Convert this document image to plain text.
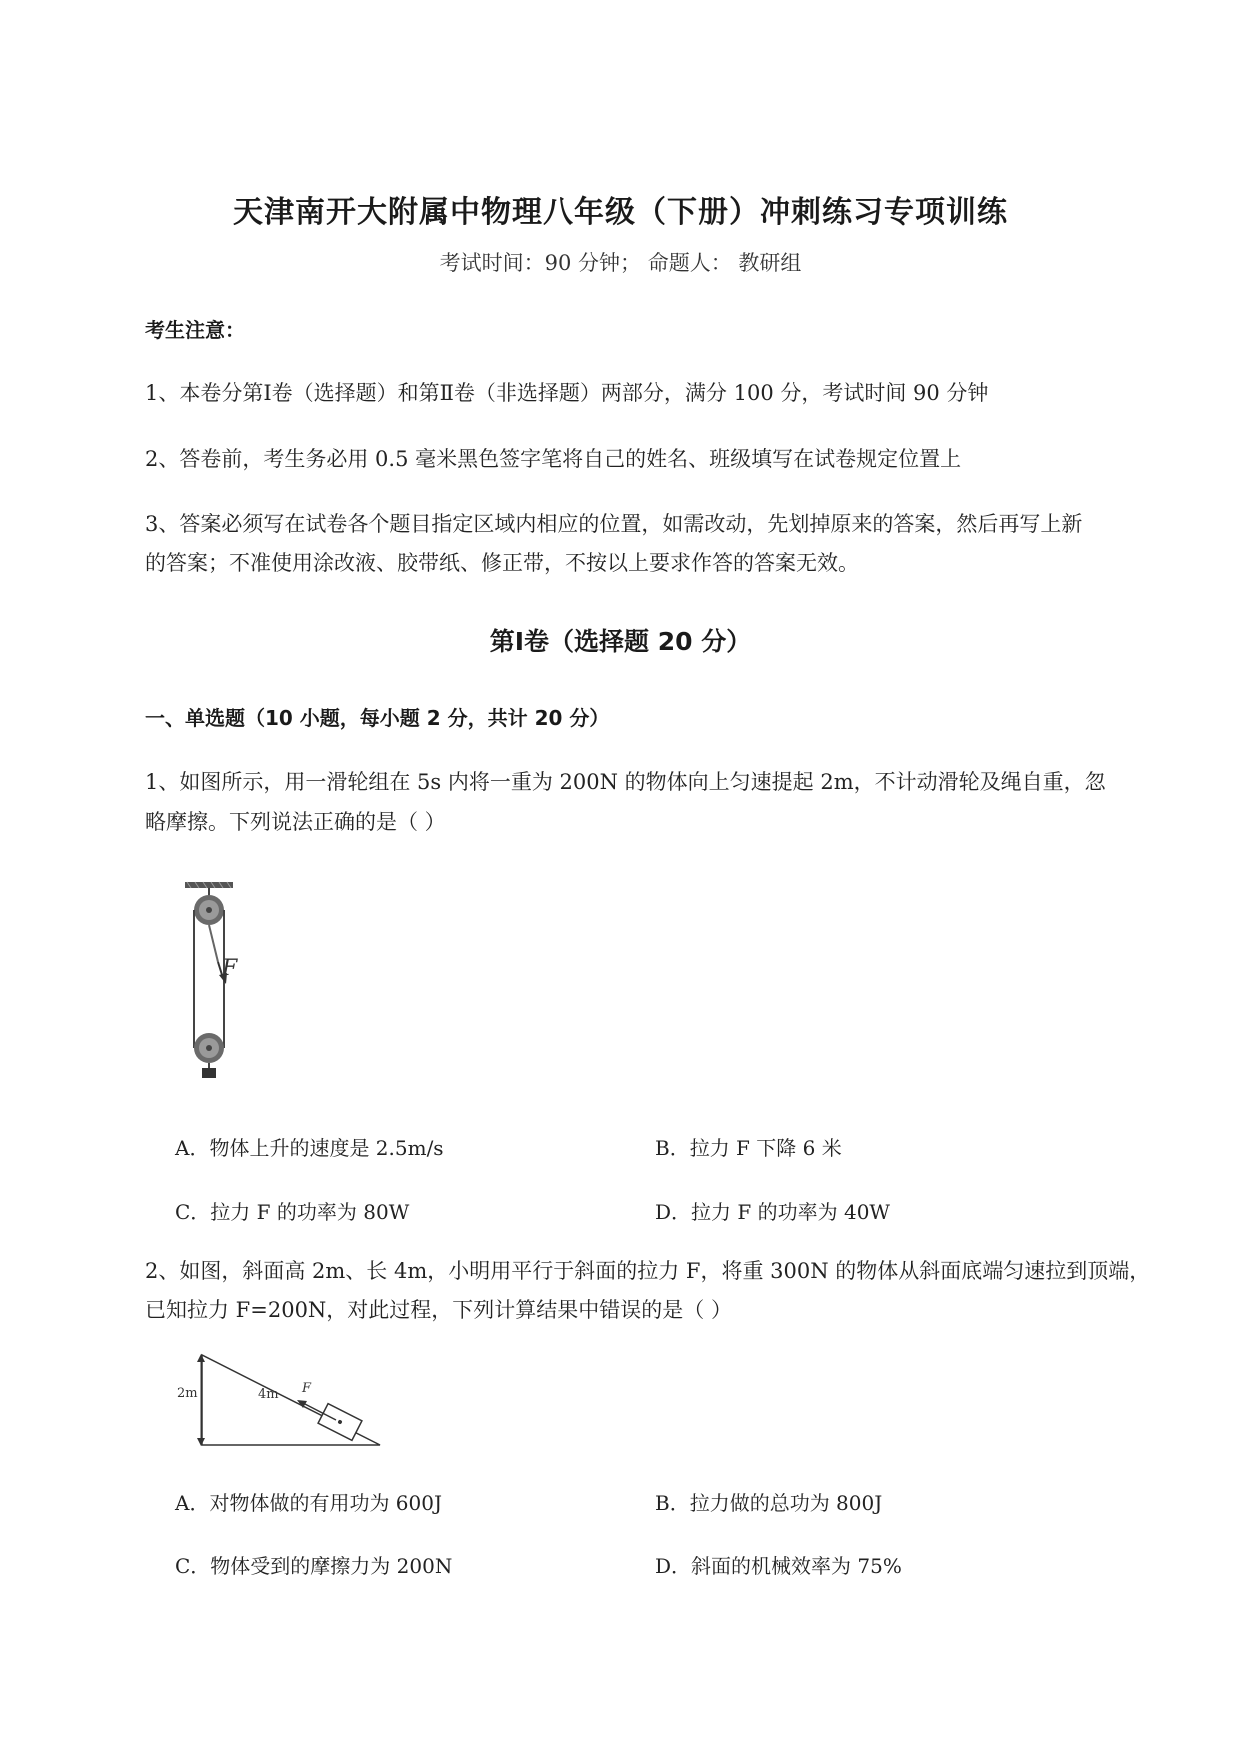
天津南开大附属中物理八年级（下册）冲刺练习专项训练
考试时间：90 分钟； 命题人： 教研组
考生注意：
1、本卷分第Ⅰ卷（选择题）和第Ⅱ卷（非选择题）两部分，满分 100 分，考试时间 90 分钟
2、答卷前，考生务必用 0.5 毫米黑色签字笔将自己的姓名、班级填写在试卷规定位置上
3、答案必须写在试卷各个题目指定区域内相应的位置，如需改动，先划掉原来的答案，然后再写上新
的答案；不准使用涂改液、胶带纸、修正带，不按以上要求作答的答案无效。
第Ⅰ卷（选择题 20 分）
一、单选题（10 小题，每小题 2 分，共计 20 分）
1、如图所示，用一滑轮组在 5s 内将一重为 200N 的物体向上匀速提起 2m，不计动滑轮及绳自重，忽
略摩擦。下列说法正确的是（ ）
F
A．物体上升的速度是 2.5m/s	B．拉力 F 下降 6 米
C．拉力 F 的功率为 80W	D．拉力 F 的功率为 40W
2、如图，斜面高 2m、长 4m，小明用平行于斜面的拉力 F，将重 300N 的物体从斜面底端匀速拉到顶端，
已知拉力 F=200N，对此过程，下列计算结果中错误的是（ ）
2m	4m F
A．对物体做的有用功为 600J	B．拉力做的总功为 800J
C．物体受到的摩擦力为 200N	D．斜面的机械效率为 75%
